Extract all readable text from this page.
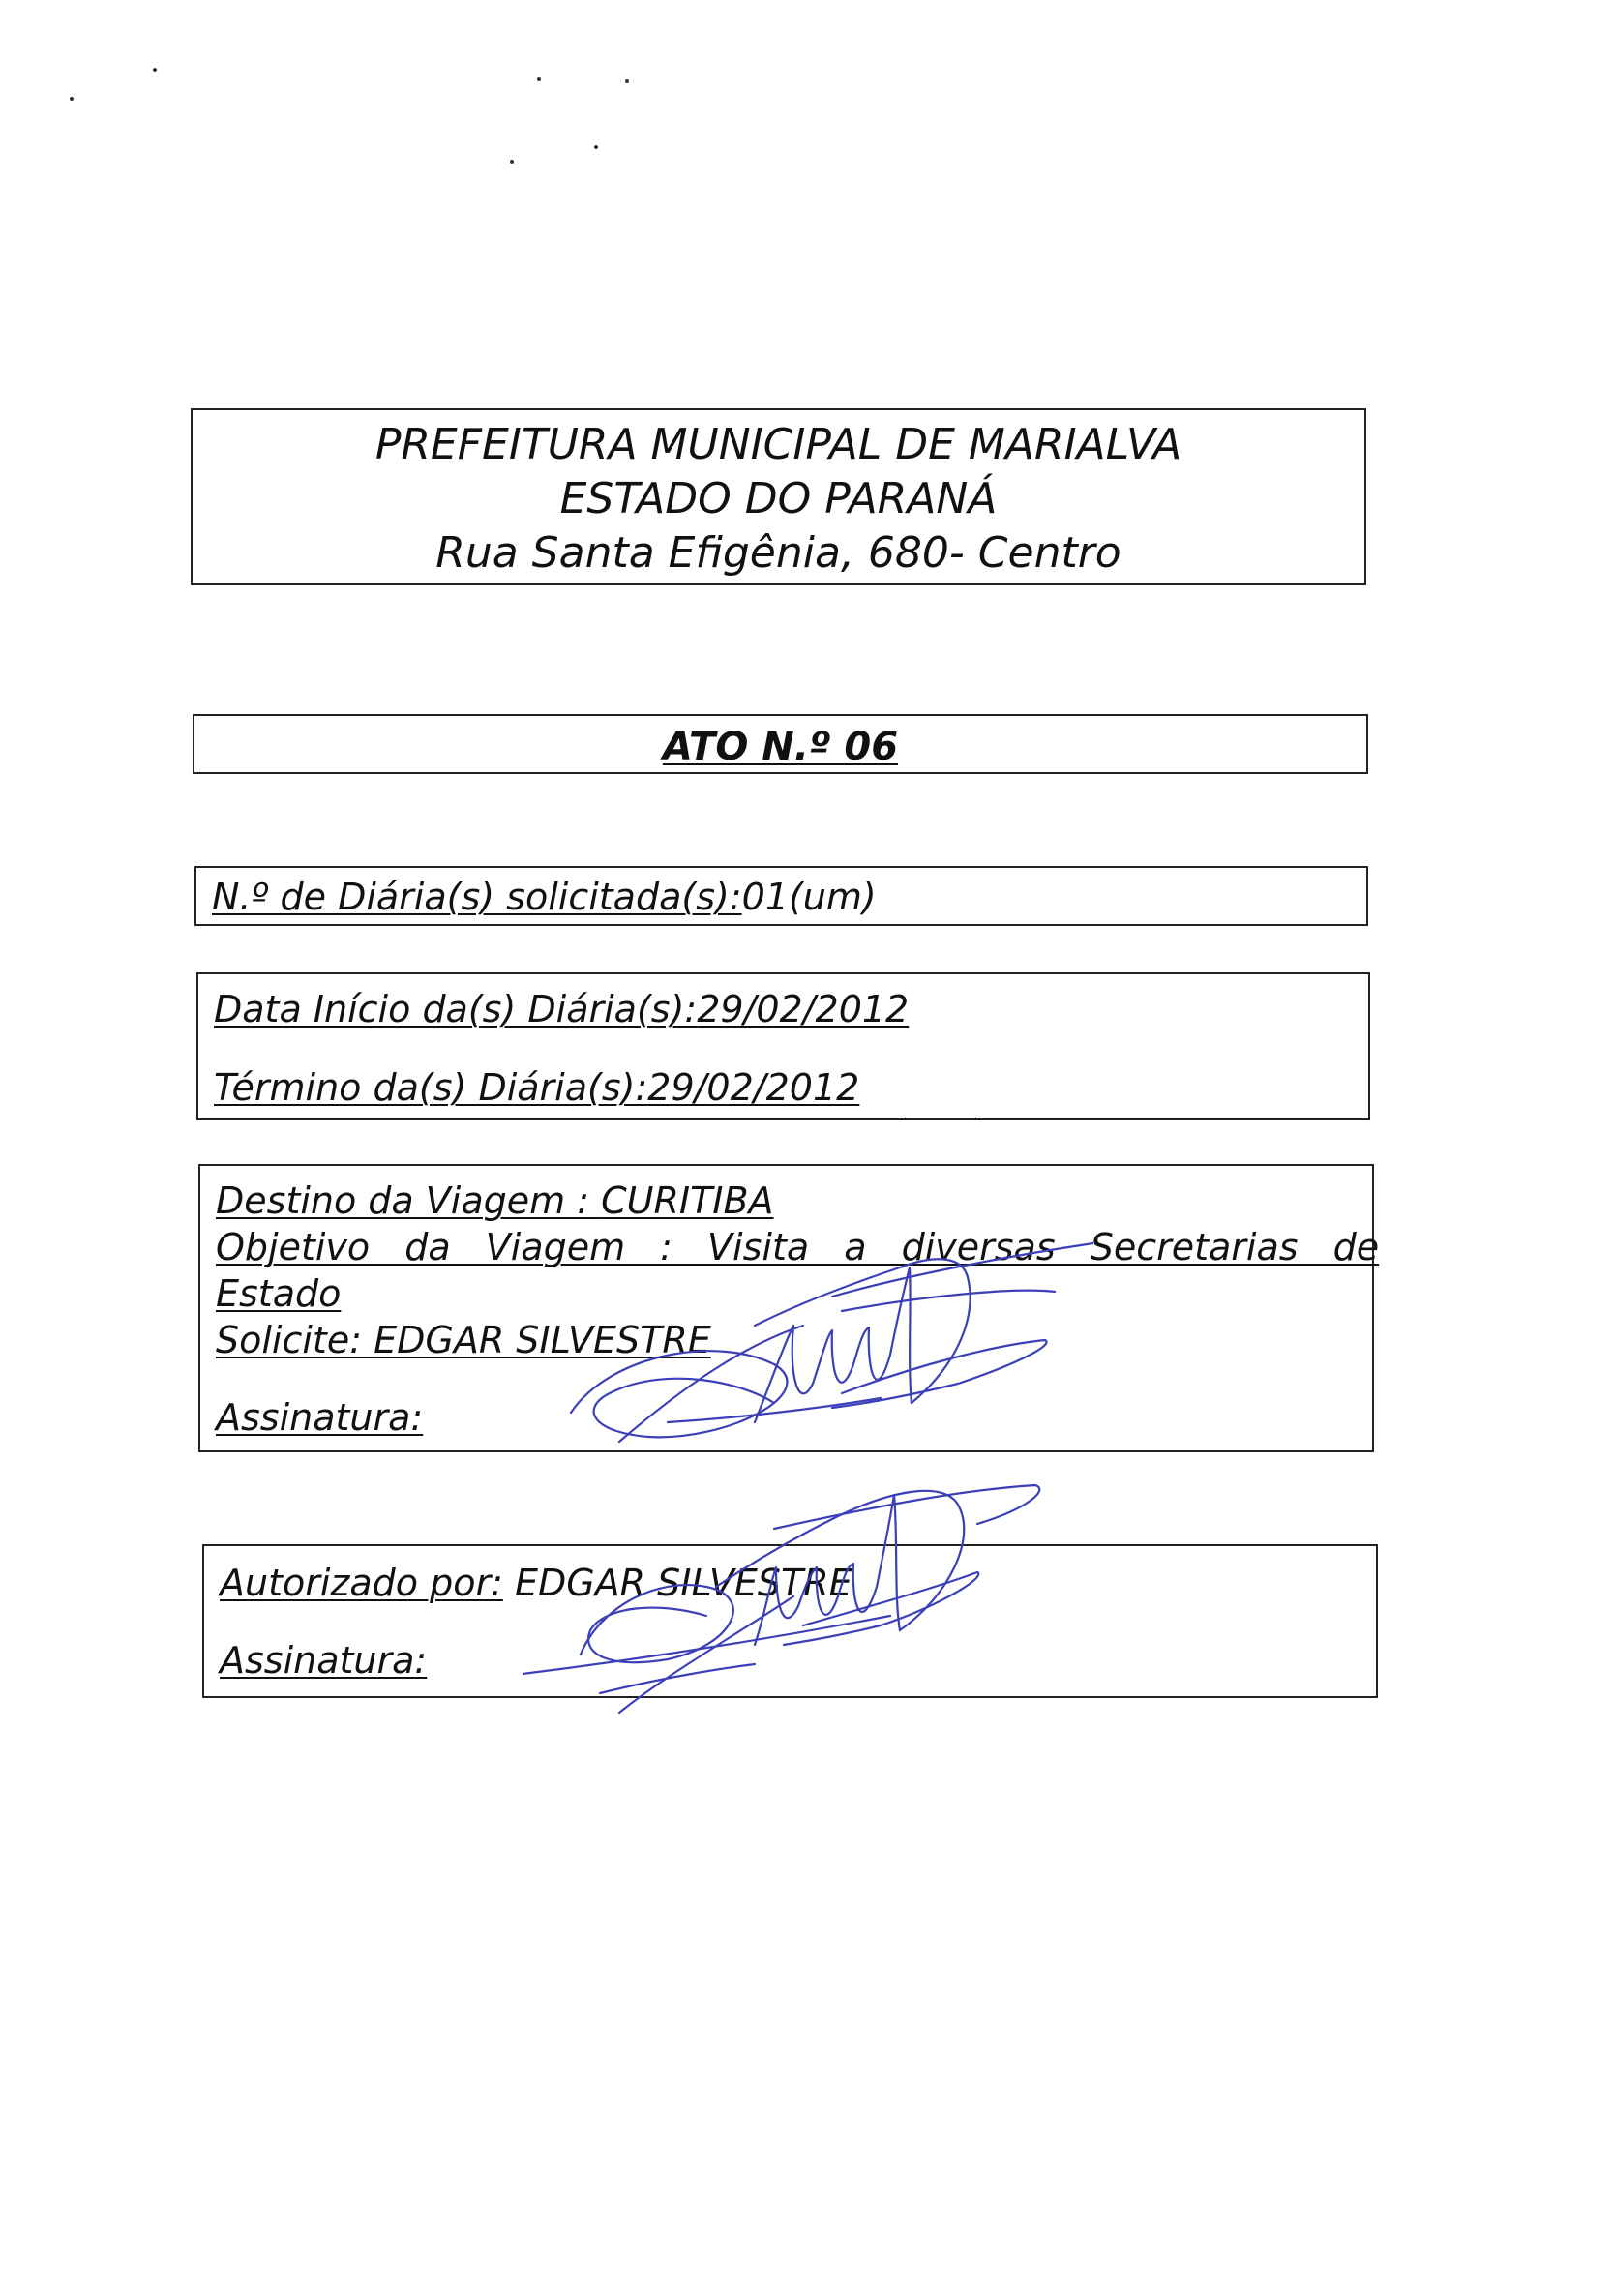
PREFEITURA MUNICIPAL DE MARIALVA
ESTADO DO PARANÁ
Rua Santa Efigênia, 680- Centro
ATO N.º 06
N.º de Diária(s) solicitada(s):01(um)
Data Início da(s) Diária(s):29/02/2012
Término da(s) Diária(s):29/02/2012
Destino da Viagem : CURITIBA
Objetivo da Viagem : Visita a diversas Secretarias de
Estado
Solicite: EDGAR SILVESTRE
Assinatura:
Autorizado por: EDGAR SILVESTRE
Assinatura:
